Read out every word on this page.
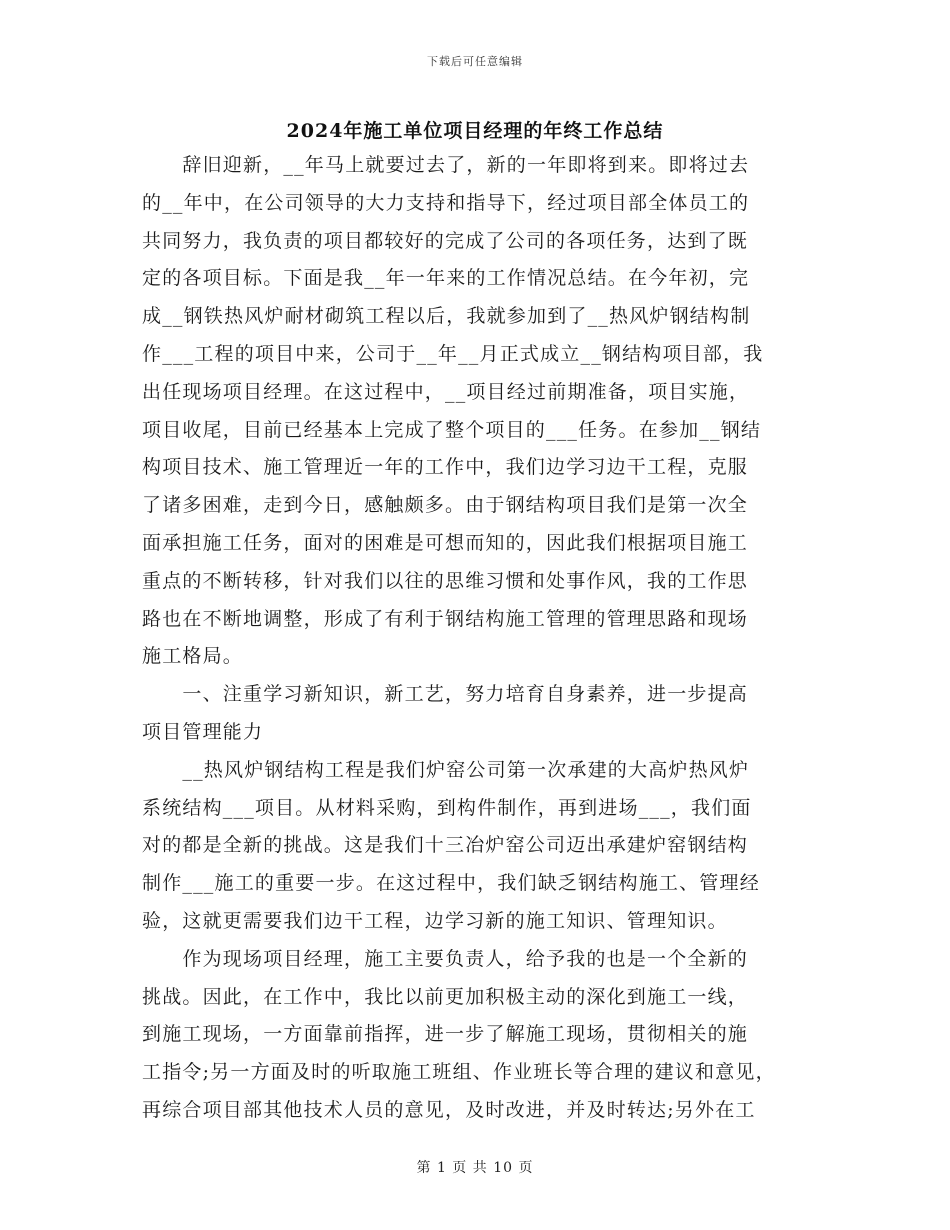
下载后可任意编辑
2024年施工单位项目经理的年终工作总结
　　辞旧迎新，__年马上就要过去了，新的一年即将到来。即将过去
的__年中，在公司领导的大力支持和指导下，经过项目部全体员工的
共同努力，我负责的项目都较好的完成了公司的各项任务，达到了既
定的各项目标。下面是我__年一年来的工作情况总结。在今年初，完
成__钢铁热风炉耐材砌筑工程以后，我就参加到了__热风炉钢结构制
作___工程的项目中来，公司于__年__月正式成立__钢结构项目部，我
出任现场项目经理。在这过程中，__项目经过前期准备，项目实施，
项目收尾，目前已经基本上完成了整个项目的___任务。在参加__钢结
构项目技术、施工管理近一年的工作中，我们边学习边干工程，克服
了诸多困难，走到今日，感触颇多。由于钢结构项目我们是第一次全
面承担施工任务，面对的困难是可想而知的，因此我们根据项目施工
重点的不断转移，针对我们以往的思维习惯和处事作风，我的工作思
路也在不断地调整，形成了有利于钢结构施工管理的管理思路和现场
施工格局。
　　一、注重学习新知识，新工艺，努力培育自身素养，进一步提高
项目管理能力
　　__热风炉钢结构工程是我们炉窑公司第一次承建的大高炉热风炉
系统结构___项目。从材料采购，到构件制作，再到进场___，我们面
对的都是全新的挑战。这是我们十三冶炉窑公司迈出承建炉窑钢结构
制作___施工的重要一步。在这过程中，我们缺乏钢结构施工、管理经
验，这就更需要我们边干工程，边学习新的施工知识、管理知识。
　　作为现场项目经理，施工主要负责人，给予我的也是一个全新的
挑战。因此，在工作中，我比以前更加积极主动的深化到施工一线，
到施工现场，一方面靠前指挥，进一步了解施工现场，贯彻相关的施
工指令;另一方面及时的听取施工班组、作业班长等合理的建议和意见，
再综合项目部其他技术人员的意见，及时改进，并及时转达;另外在工
第 1 页 共 10 页
